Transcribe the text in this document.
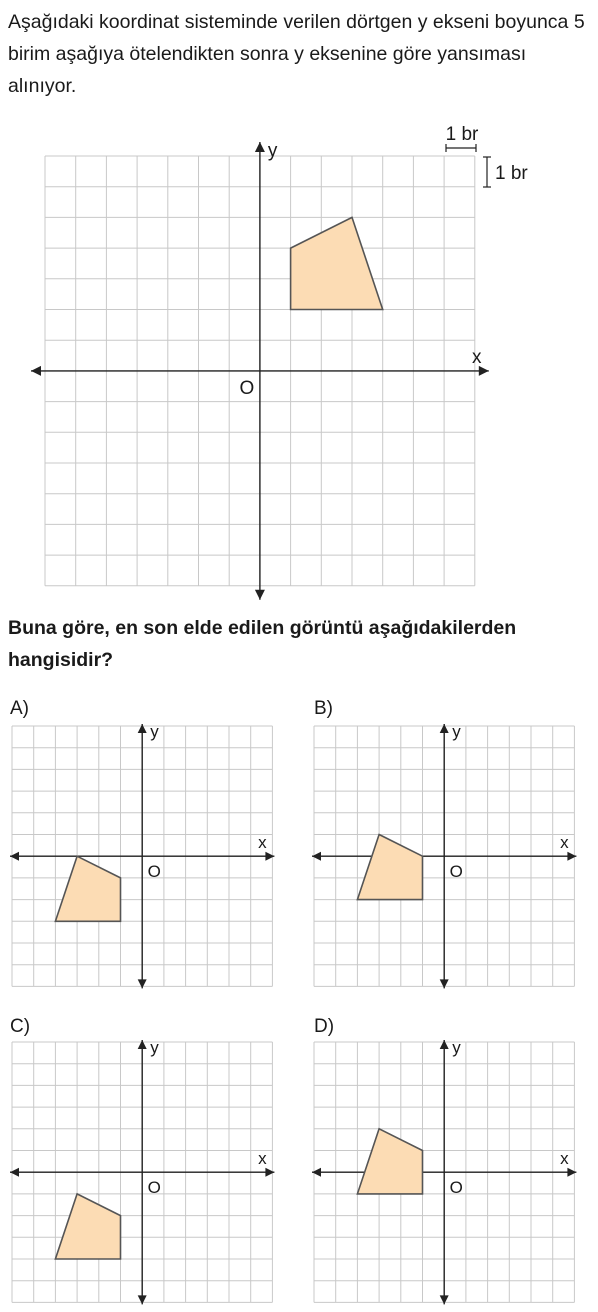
Aşağıdaki koordinat sisteminde verilen dörtgen y ekseni boyunca 5 birim aşağıya ötelendikten sonra y eksenine göre yansıması alınıyor.

x
y
O
1 br
1 br

Buna göre, en son elde edilen görüntü aşağıdakilerden hangisidir?

A)
x
y
O
B)
x
y
O
C)
x
y
O
D)
x
y
O
